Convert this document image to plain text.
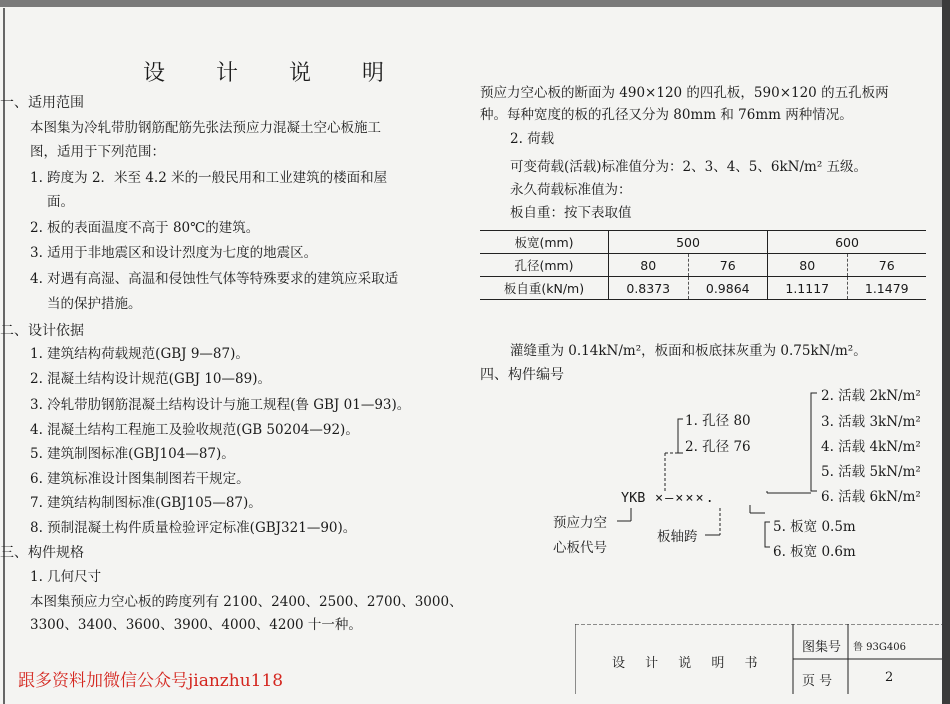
设 计 说 明
一、适用范围
本图集为冷轧带肋钢筋配筋先张法预应力混凝土空心板施工
图，适用于下列范围：
1. 跨度为 2．米至 4.2 米的一般民用和工业建筑的楼面和屋
面。
2. 板的表面温度不高于 80℃的建筑。
3. 适用于非地震区和设计烈度为七度的地震区。
4. 对遇有高湿、高温和侵蚀性气体等特殊要求的建筑应采取适
当的保护措施。
二、设计依据
1. 建筑结构荷载规范(GBJ 9—87)。
2. 混凝土结构设计规范(GBJ 10—89)。
3. 冷轧带肋钢筋混凝土结构设计与施工规程(鲁 GBJ 01—93)。
4. 混凝土结构工程施工及验收规范(GB 50204—92)。
5. 建筑制图标准(GBJ104—87)。
6. 建筑标准设计图集制图若干规定。
7. 建筑结构制图标准(GBJ105—87)。
8. 预制混凝土构件质量检验评定标准(GBJ321—90)。
三、构件规格
1. 几何尺寸
本图集预应力空心板的跨度列有 2100、2400、2500、2700、3000、
3300、3400、3600、3900、4000、4200 十一种。
预应力空心板的断面为 490×120 的四孔板，590×120 的五孔板两
种。每种宽度的板的孔径又分为 80mm 和 76mm 两种情况。
2. 荷载
可变荷载(活载)标准值分为：2、3、4、5、6kN/m² 五级。
永久荷载标准值为：
板自重：按下表取值
板宽(mm)	500		600	
孔径(mm)	80	76	80	76
板自重(kN/m)	0.8373	0.9864	1.1117	1.1479
灌缝重为 0.14kN/m²，板面和板底抹灰重为 0.75kN/m²。
四、构件编号
1. 孔径 80
2. 孔径 76
2. 活载 2kN/m²
3. 活载 3kN/m²
4. 活载 4kN/m²
5. 活载 5kN/m²
6. 活载 6kN/m²
YKB ×—×××.
5. 板宽 0.5m
6. 板宽 0.6m
预应力空
心板代号
板轴跨
设 计 说 明 书
图集号 鲁 93G406
页 号	2
跟多资料加微信公众号jianzhu118
